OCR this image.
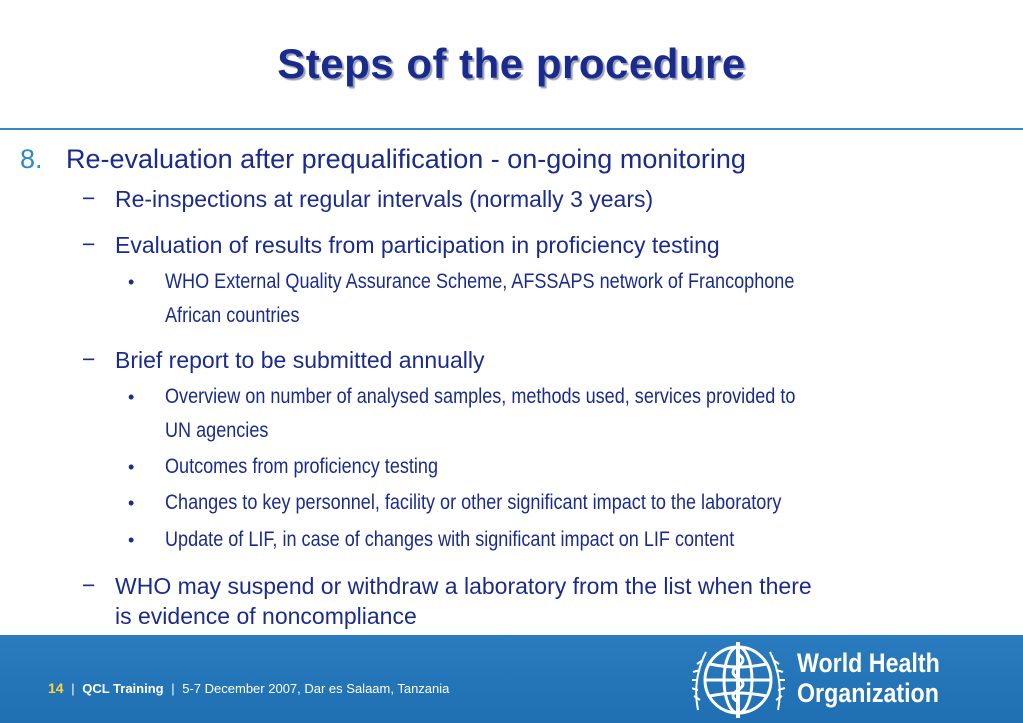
Steps of the procedure
8. Re-evaluation after prequalification - on-going monitoring
− Re-inspections at regular intervals (normally 3 years)
− Evaluation of results from participation in proficiency testing
• WHO External Quality Assurance Scheme, AFSSAPS network of Francophone
African countries
− Brief report to be submitted annually
• Overview on number of analysed samples, methods used, services provided to
UN agencies
• Outcomes from proficiency testing
• Changes to key personnel, facility or other significant impact to the laboratory
• Update of LIF, in case of changes with significant impact on LIF content
− WHO may suspend or withdraw a laboratory from the list when there
is evidence of noncompliance
14 | QCL Training | 5-7 December 2007, Dar es Salaam, Tanzania
World Health
Organization
